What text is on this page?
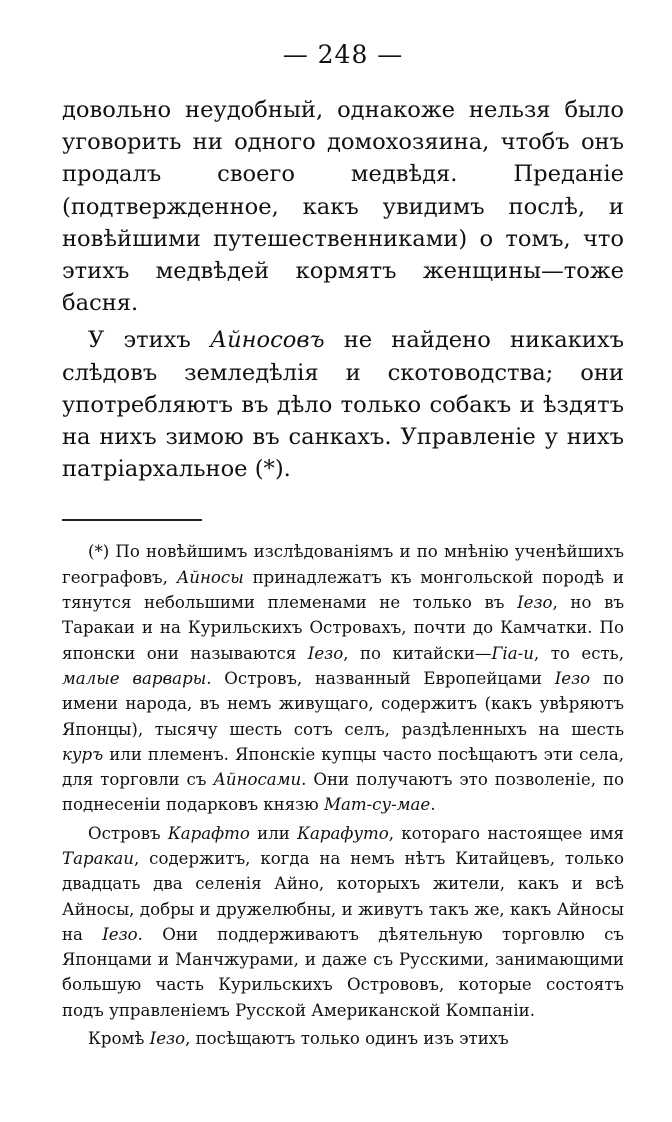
— 248 —

довольно неудобный, однакоже нельзя было уговорить ни одного домохозяина, чтобъ онъ продалъ своего медвѣдя. Преданіе (подтвержденное, какъ увидимъ послѣ, и новѣйшими путешественниками) о томъ, что этихъ медвѣдей кормятъ женщины—тоже басня.

У этихъ Айносовъ не найдено никакихъ слѣдовъ земледѣлія и скотоводства; они употребляютъ въ дѣло только собакъ и ѣздятъ на нихъ зимою въ санкахъ. Управленіе у нихъ патріархальное (*).

(*) По новѣйшимъ изслѣдованіямъ и по мнѣнію ученѣйшихъ географовъ, Айносы принадлежатъ къ монгольской породѣ и тянутся небольшими племенами не только въ Iезо, но въ Таракаи и на Курильскихъ Островахъ, почти до Камчатки. По японски они называются Iезо, по китайски—Гіа-и, то есть, малые варвары. Островъ, названный Европейцами Iезо по имени народа, въ немъ живущаго, содержитъ (какъ увѣряютъ Японцы), тысячу шесть сотъ селъ, раздѣленныхъ на шесть куръ или племенъ. Японскіе купцы часто посѣщаютъ эти села, для торговли съ Айносами. Они получаютъ это позволеніе, по поднесеніи подарковъ князю Мат-су-мае.

Островъ Карафто или Карафуто, котораго настоящее имя Таракаи, содержитъ, когда на немъ нѣтъ Китайцевъ, только двадцать два селенія Айно, которыхъ жители, какъ и всѣ Айносы, добры и дружелюбны, и живутъ такъ же, какъ Айносы на Iезо. Они поддерживаютъ дѣятельную торговлю съ Японцами и Манчжурами, и даже съ Русскими, занимающими большую часть Курильскихъ Острововъ, которые состоятъ подъ управленіемъ Русской Американской Компаніи.

Кромѣ Iезо, посѣщаютъ только одинъ изъ этихъ
